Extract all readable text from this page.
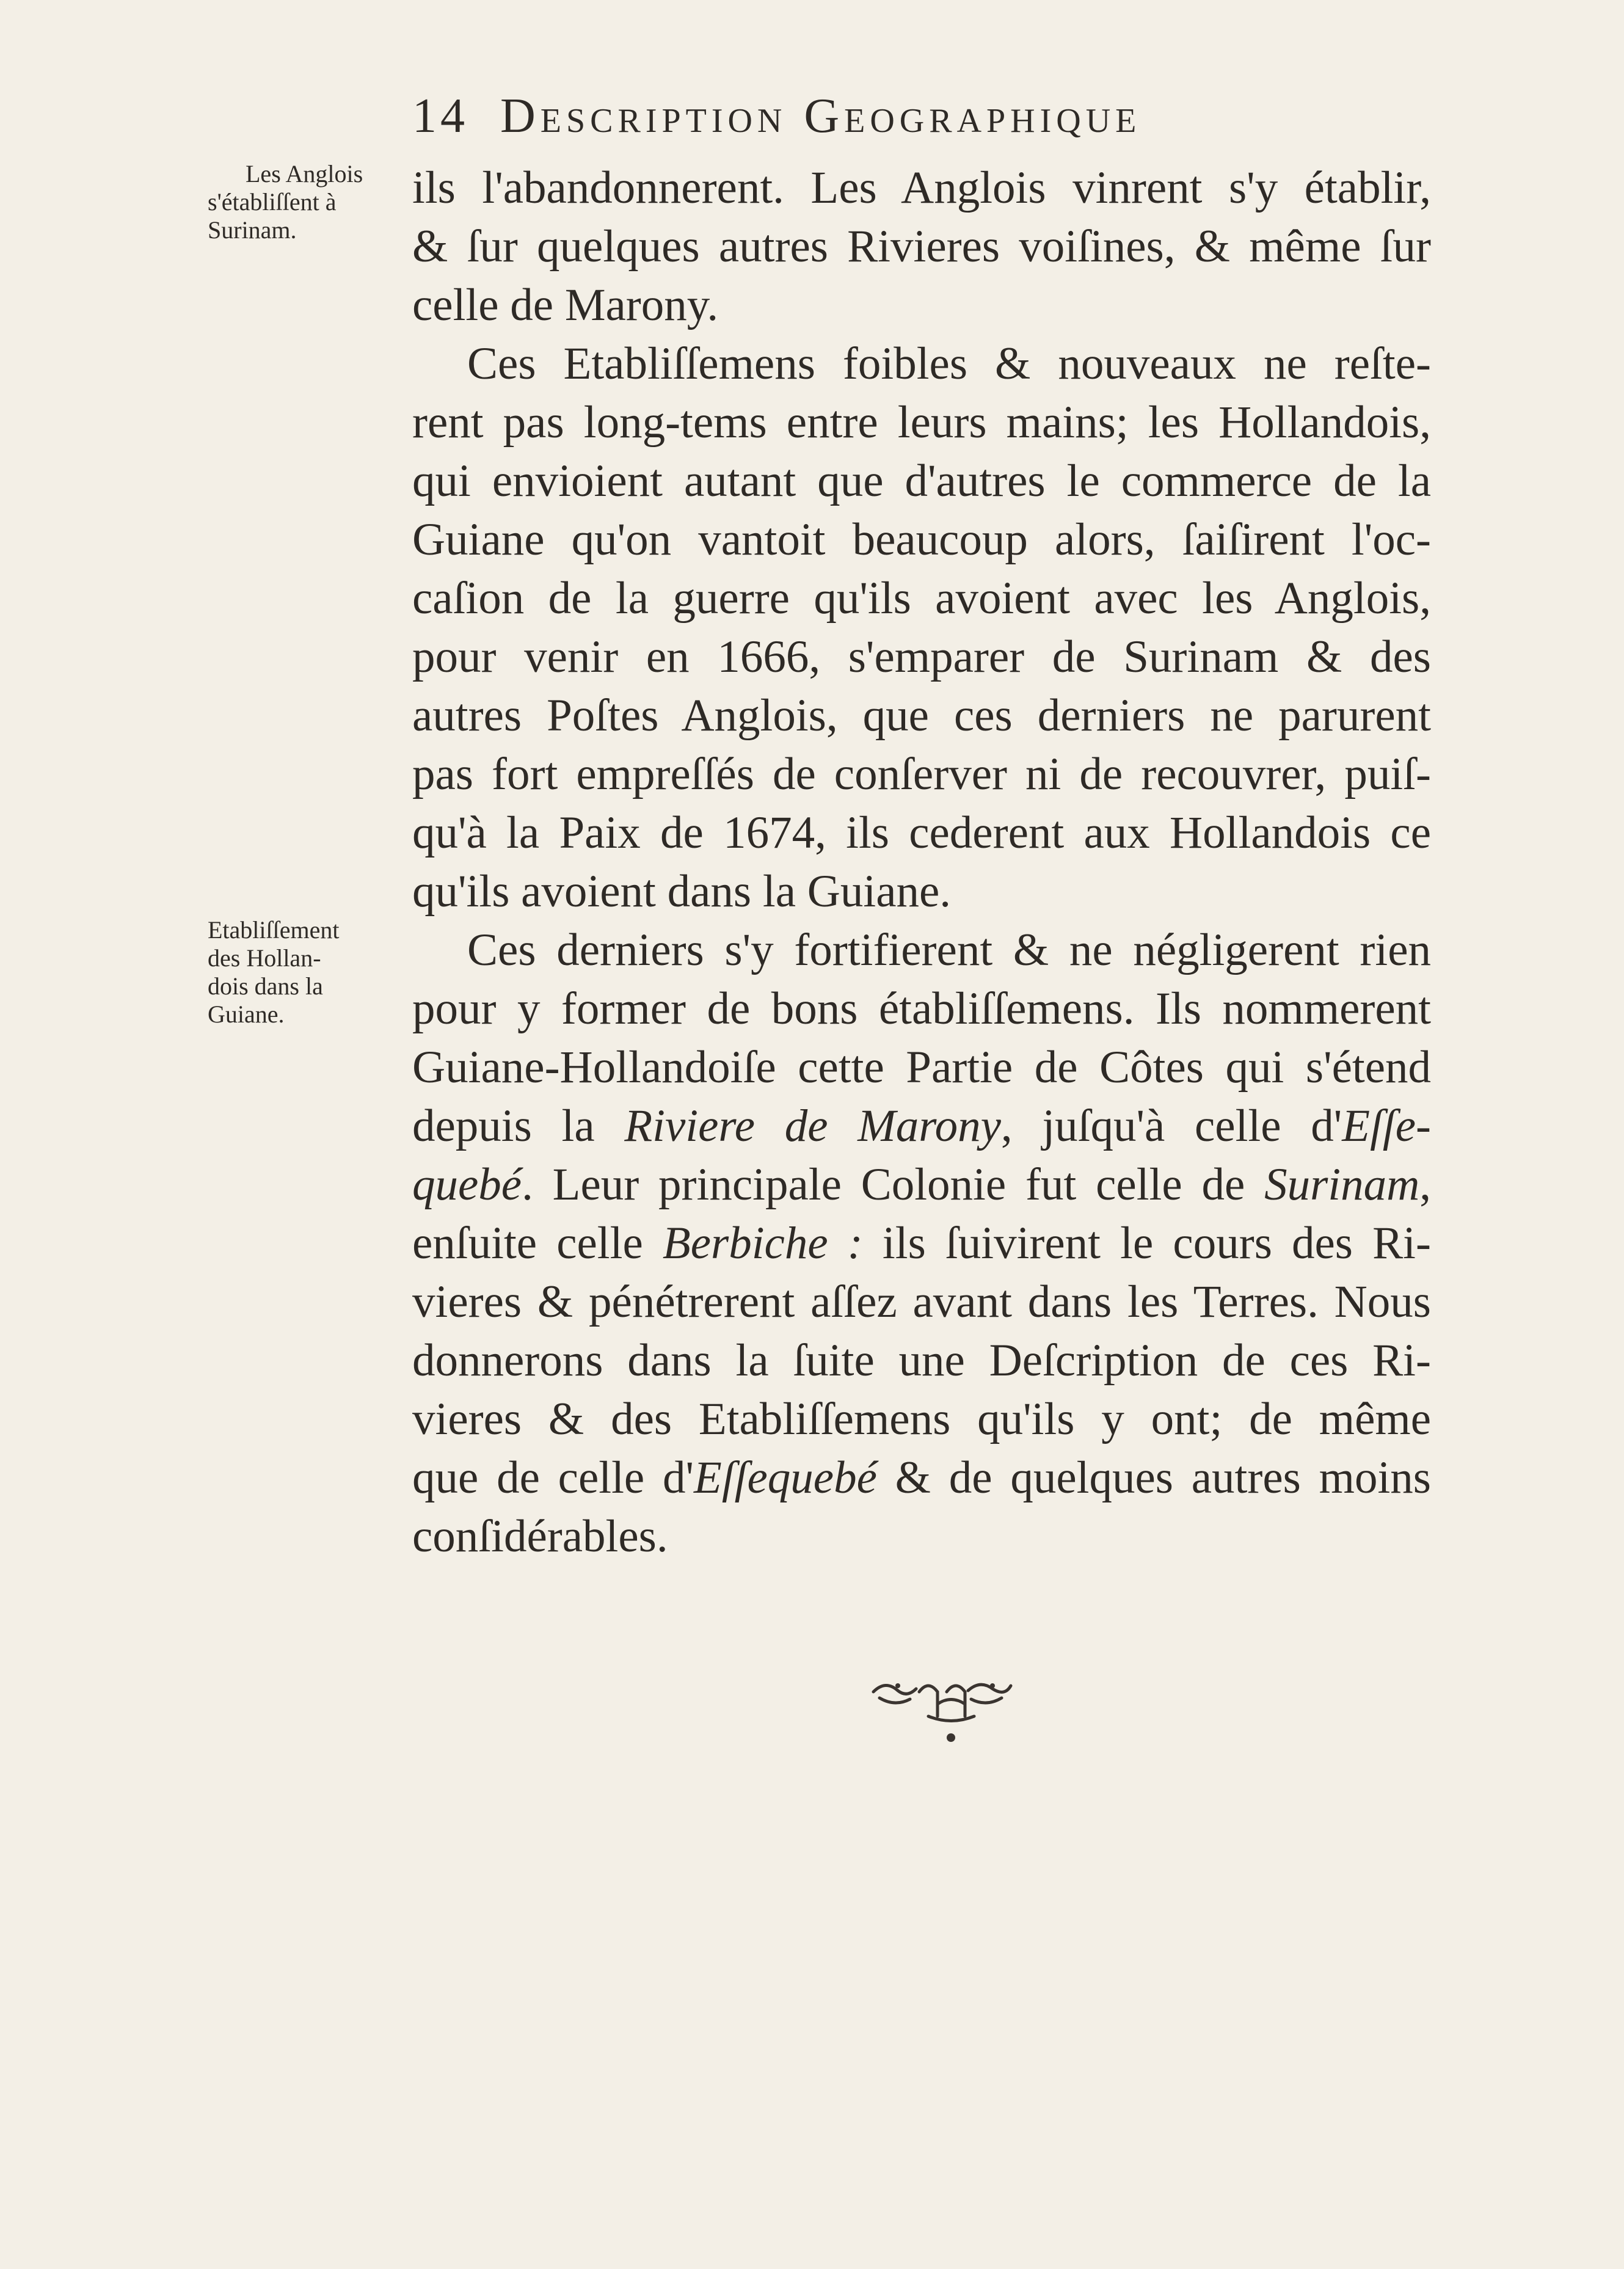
14 Description Geographique
Les Anglois
s'établiſſent à
Surinam.
Etabliſſement
des Hollan-
dois dans la
Guiane.
ils l'abandonnerent. Les Anglois vinrent s'y établir,
& ſur quelques autres Rivieres voiſines, & même ſur
celle de Marony.
Ces Etabliſſemens foibles & nouveaux ne reſte-
rent pas long-tems entre leurs mains; les Hollandois,
qui envioient autant que d'autres le commerce de la
Guiane qu'on vantoit beaucoup alors, ſaiſirent l'oc-
caſion de la guerre qu'ils avoient avec les Anglois,
pour venir en 1666, s'emparer de Surinam & des
autres Poſtes Anglois, que ces derniers ne parurent
pas fort empreſſés de conſerver ni de recouvrer, puiſ-
qu'à la Paix de 1674, ils cederent aux Hollandois ce
qu'ils avoient dans la Guiane.
Ces derniers s'y fortifierent & ne négligerent rien
pour y former de bons établiſſemens. Ils nommerent
Guiane-Hollandoiſe cette Partie de Côtes qui s'étend
depuis la Riviere de Marony, juſqu'à celle d'Eſſe-
quebé. Leur principale Colonie fut celle de Surinam,
enſuite celle Berbiche : ils ſuivirent le cours des Ri-
vieres & pénétrerent aſſez avant dans les Terres. Nous
donnerons dans la ſuite une Deſcription de ces Ri-
vieres & des Etabliſſemens qu'ils y ont; de même
que de celle d'Eſſequebé & de quelques autres moins
conſidérables.
